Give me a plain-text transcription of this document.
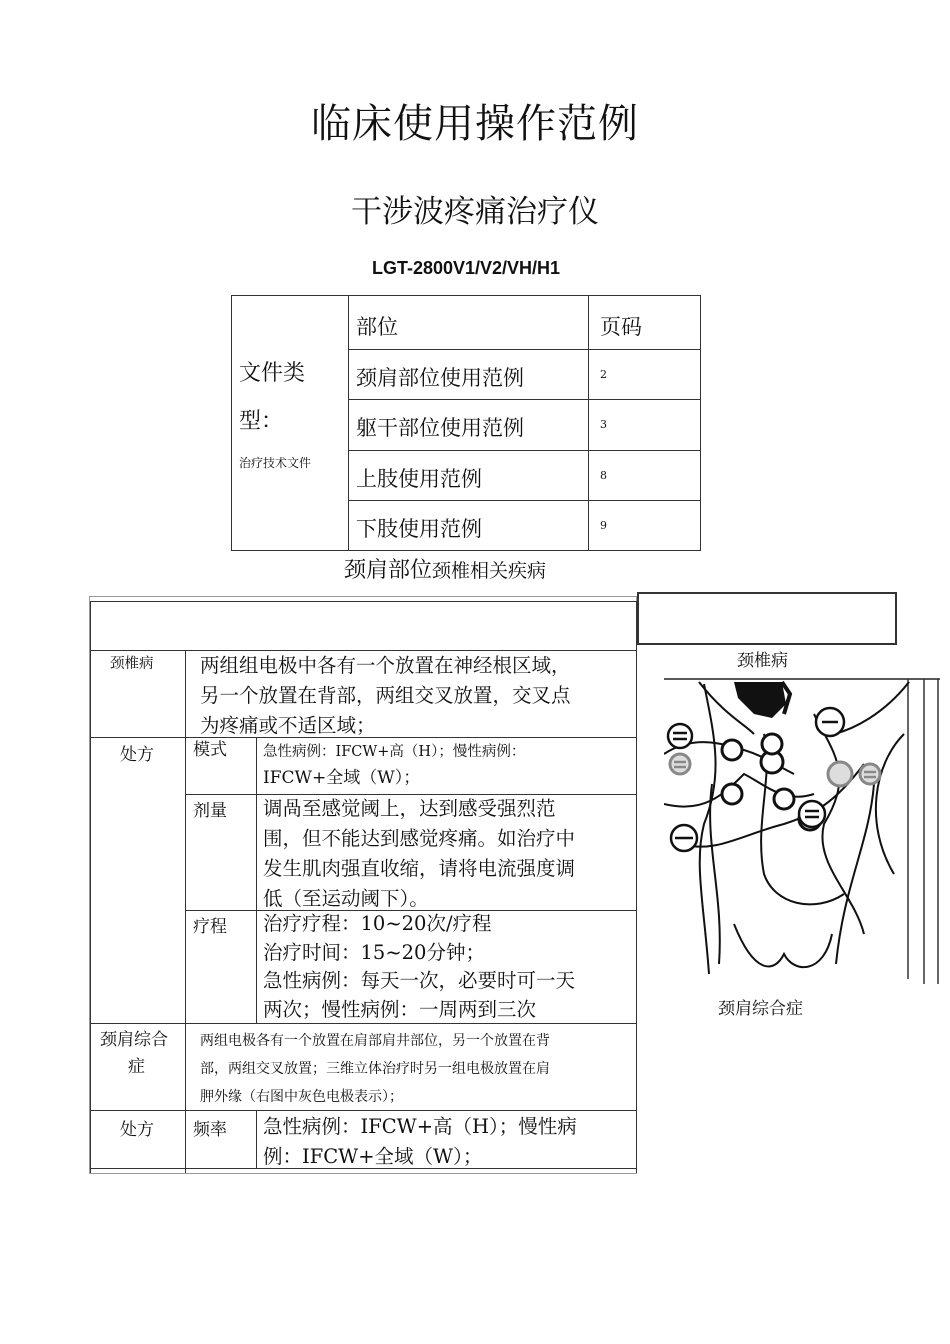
临床使用操作范例
干涉波疼痛治疗仪
LGT-2800V1/V2/VH/H1
文件类
型：
治疗技术文件
部位	页码
颈肩部位使用范例	2
躯干部位使用范例	3
上肢使用范例	8
下肢使用范例	9
颈肩部位颈椎相关疾病
颈椎病 两组组电极中各有一个放置在神经根区域，
另一个放置在背部，两组交叉放置，交叉点
为疼痛或不适区域；
处方 模式 急性病例：IFCW+高（H）；慢性病例：
IFCW+全域（W）；
剂量 调咼至感觉阈上，达到感受强烈范
围，但不能达到感觉疼痛。如治疗中
发生肌肉强直收缩，请将电流强度调
低（至运动阈下）。
疗程 治疗疗程：10~20次/疗程
治疗时间：15~20分钟；
急性病例：每天一次，必要时可一天
两次；慢性病例：一周两到三次
颈肩综合
症
两组电极各有一个放置在肩部肩井部位，另一个放置在背
部，两组交叉放置；三维立体治疗时另一组电极放置在肩
胛外缘（右图中灰色电极表示）；
处方 频率 急性病例：IFCW+高（H）；慢性病
例：IFCW+全域（W）；
颈椎病
颈肩综合症
